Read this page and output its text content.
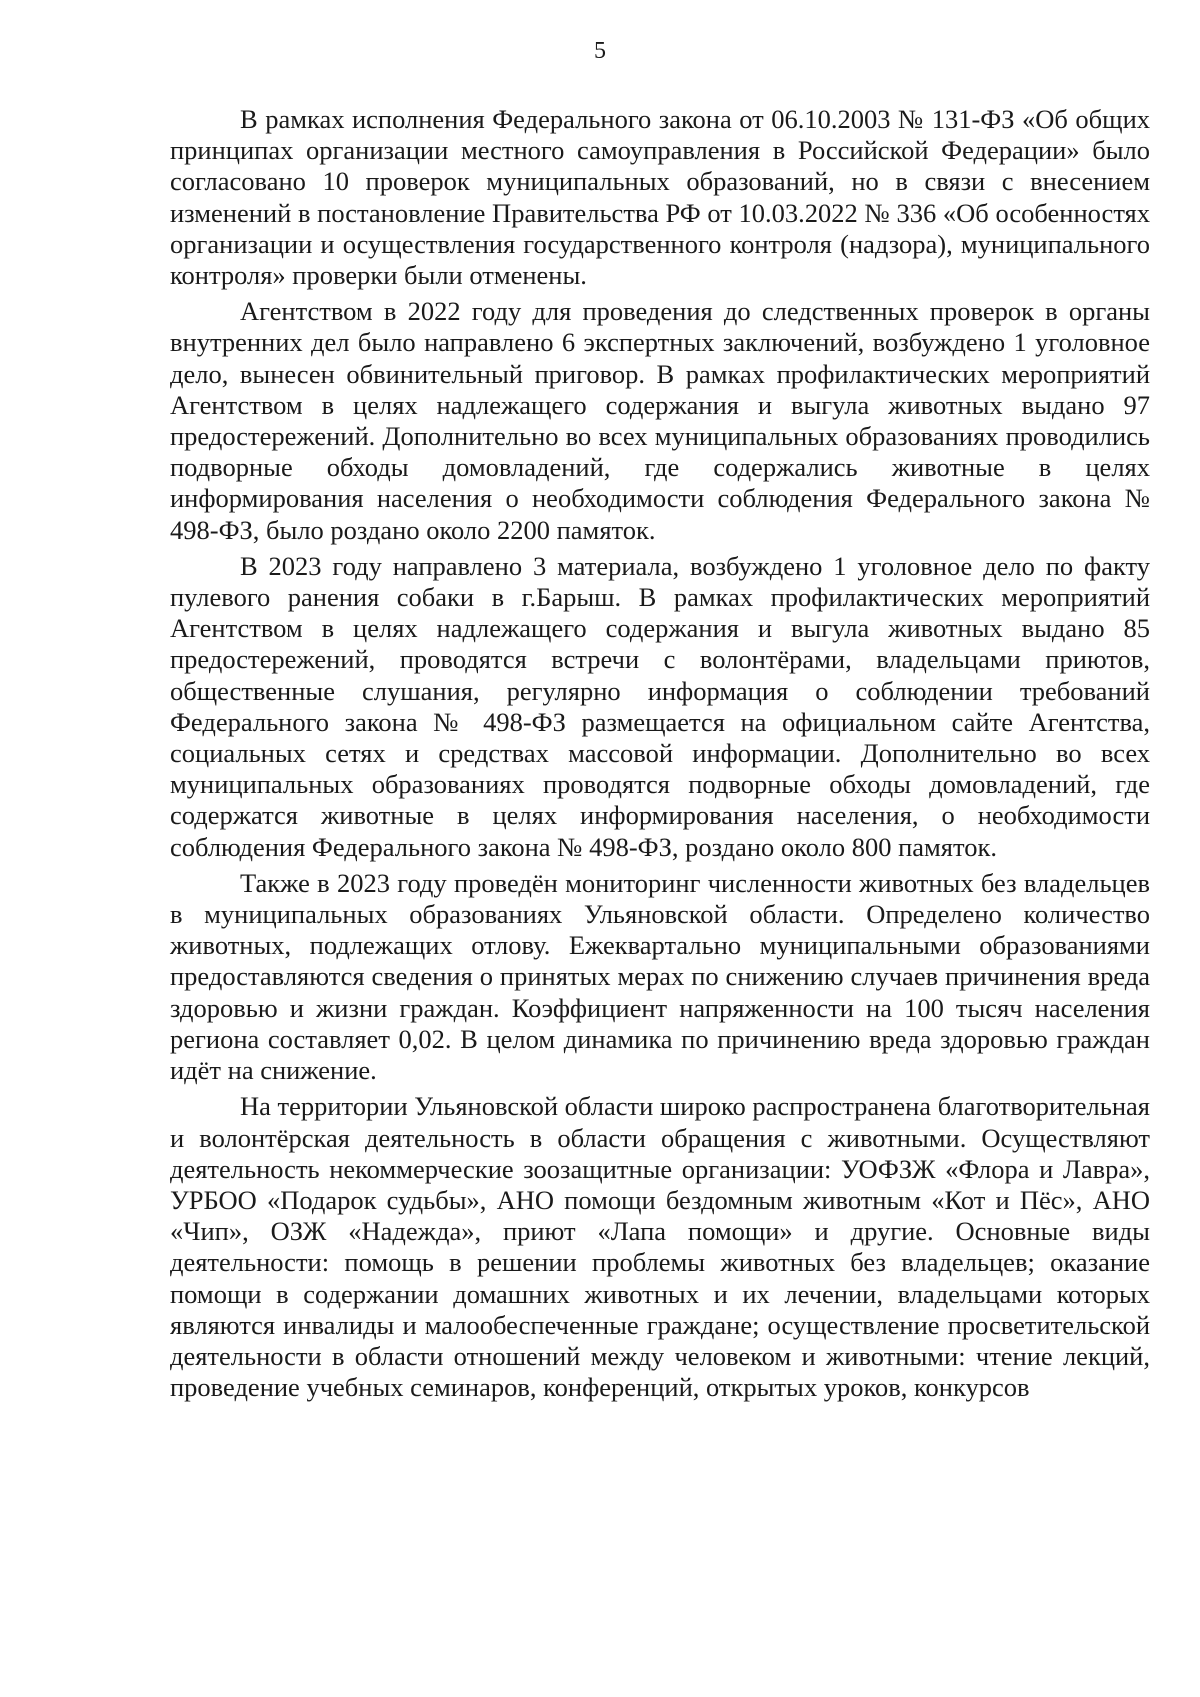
5

В рамках исполнения Федерального закона от 06.10.2003 № 131-ФЗ «Об общих принципах организации местного самоуправления в Российской Федерации» было согласовано 10 проверок муниципальных образований, но в связи с внесением изменений в постановление Правительства РФ от 10.03.2022 № 336 «Об особенностях организации и осуществления государственного контроля (надзора), муниципального контроля» проверки были отменены.

Агентством в 2022 году для проведения до следственных проверок в органы внутренних дел было направлено 6 экспертных заключений, возбуждено 1 уголовное дело, вынесен обвинительный приговор. В рамках профилактических мероприятий Агентством в целях надлежащего содержания и выгула животных выдано 97 предостережений. Дополнительно во всех муниципальных образованиях проводились подворные обходы домовладений, где содержались животные в целях информирования населения о необходимости соблюдения Федерального закона № 498-ФЗ, было роздано около 2200 памяток.

В 2023 году направлено 3 материала, возбуждено 1 уголовное дело по факту пулевого ранения собаки в г.Барыш. В рамках профилактических мероприятий Агентством в целях надлежащего содержания и выгула животных выдано 85 предостережений, проводятся встречи с волонтёрами, владельцами приютов, общественные слушания, регулярно информация о соблюдении требований Федерального закона № 498-ФЗ размещается на официальном сайте Агентства, социальных сетях и средствах массовой информации. Дополнительно во всех муниципальных образованиях проводятся подворные обходы домовладений, где содержатся животные в целях информирования населения, о необходимости соблюдения Федерального закона № 498-ФЗ, роздано около 800 памяток.

Также в 2023 году проведён мониторинг численности животных без владельцев в муниципальных образованиях Ульяновской области. Определено количество животных, подлежащих отлову. Ежеквартально муниципальными образованиями предоставляются сведения о принятых мерах по снижению случаев причинения вреда здоровью и жизни граждан. Коэффициент напряженности на 100 тысяч населения региона составляет 0,02. В целом динамика по причинению вреда здоровью граждан идёт на снижение.

На территории Ульяновской области широко распространена благотворительная и волонтёрская деятельность в области обращения с животными. Осуществляют деятельность некоммерческие зоозащитные организации: УОФЗЖ «Флора и Лавра», УРБОО «Подарок судьбы», АНО помощи бездомным животным «Кот и Пёс», АНО «Чип», ОЗЖ «Надежда», приют «Лапа помощи» и другие. Основные виды деятельности: помощь в решении проблемы животных без владельцев; оказание помощи в содержании домашних животных и их лечении, владельцами которых являются инвалиды и малообеспеченные граждане; осуществление просветительской деятельности в области отношений между человеком и животными: чтение лекций, проведение учебных семинаров, конференций, открытых уроков, конкурсов
